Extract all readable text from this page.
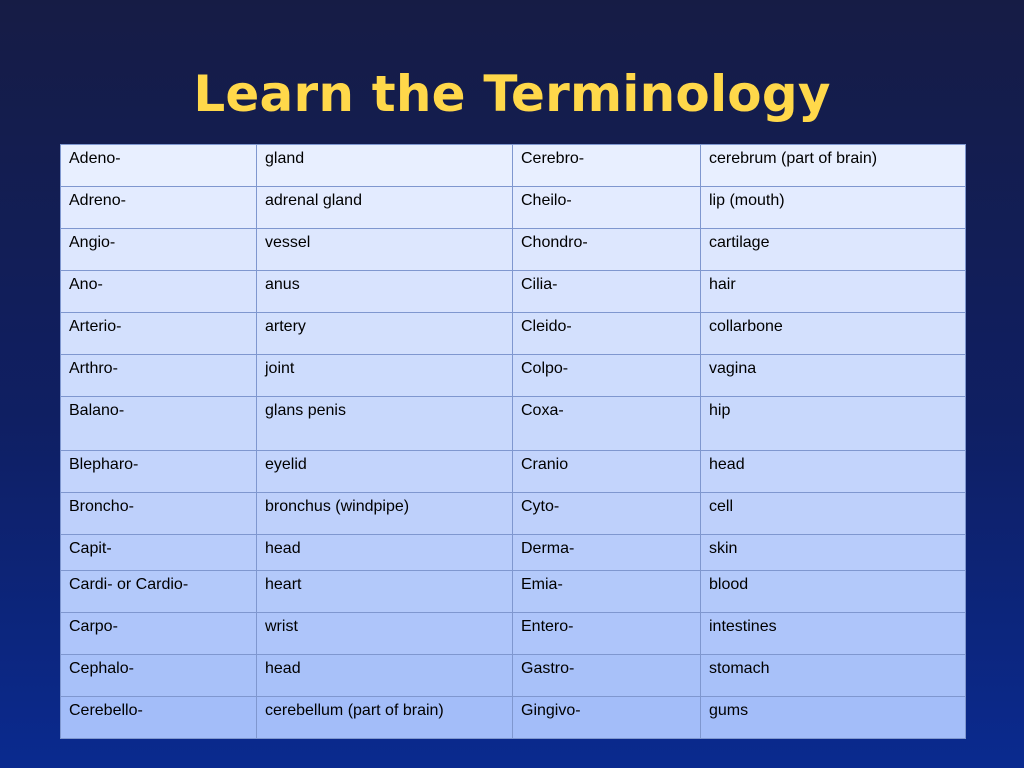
Learn the Terminology
Adeno-	gland	Cerebro-	cerebrum (part of brain)
Adreno-	adrenal gland	Cheilo-	lip (mouth)
Angio-	vessel	Chondro-	cartilage
Ano-	anus	Cilia-	hair
Arterio-	artery	Cleido-	collarbone
Arthro-	joint	Colpo-	vagina
Balano-	glans penis	Coxa-	hip
Blepharo-	eyelid	Cranio	head
Broncho-	bronchus (windpipe)	Cyto-	cell
Capit-	head	Derma-	skin
Cardi- or Cardio-	heart	Emia-	blood
Carpo-	wrist	Entero-	intestines
Cephalo-	head	Gastro-	stomach
Cerebello-	cerebellum (part of brain)	Gingivo-	gums
